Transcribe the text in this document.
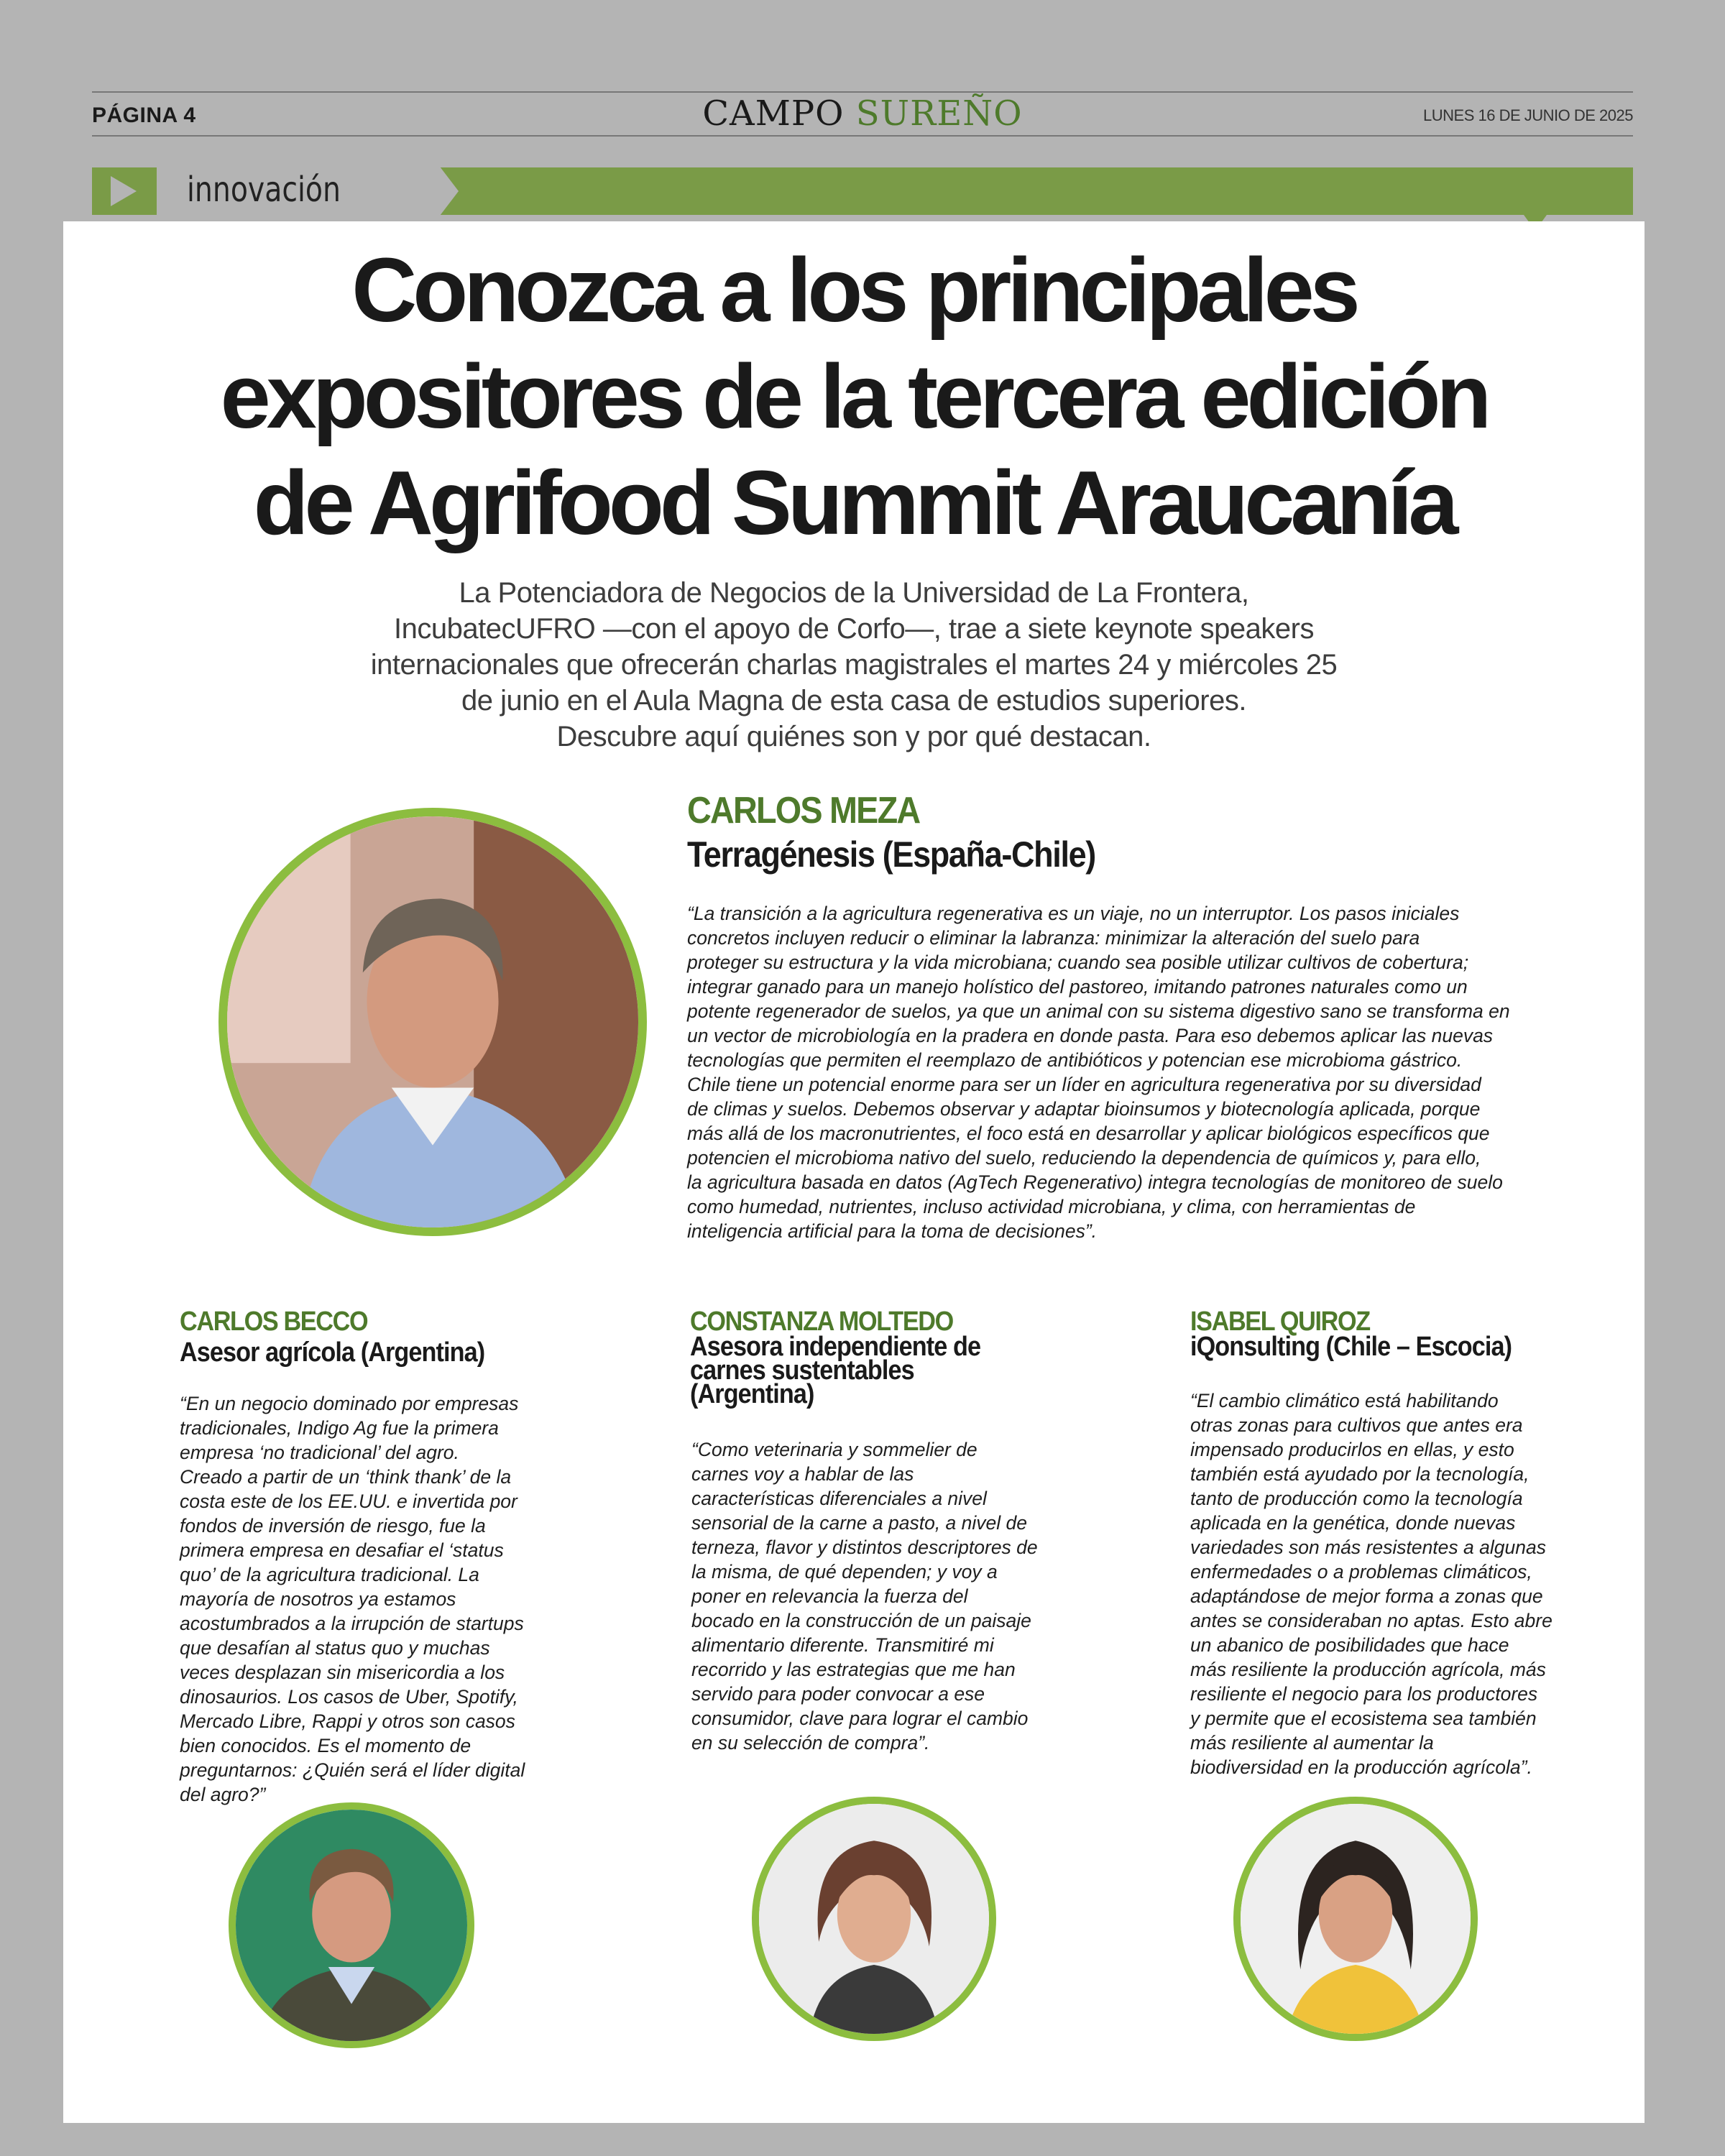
PÁGINA 4	CAMPO SUREÑO	LUNES 16 DE JUNIO DE 2025
innovación
Conozca a los principales
expositores de la tercera edición
de Agrifood Summit Araucanía
La Potenciadora de Negocios de la Universidad de La Frontera,
IncubatecUFRO —con el apoyo de Corfo—, trae a siete keynote speakers
internacionales que ofrecerán charlas magistrales el martes 24 y miércoles 25
de junio en el Aula Magna de esta casa de estudios superiores.
Descubre aquí quiénes son y por qué destacan.
CARLOS MEZA
Terragénesis (España-Chile)
“La transición a la agricultura regenerativa es un viaje, no un interruptor. Los pasos iniciales
concretos incluyen reducir o eliminar la labranza: minimizar la alteración del suelo para
proteger su estructura y la vida microbiana; cuando sea posible utilizar cultivos de cobertura;
integrar ganado para un manejo holístico del pastoreo, imitando patrones naturales como un
potente regenerador de suelos, ya que un animal con su sistema digestivo sano se transforma en
un vector de microbiología en la pradera en donde pasta. Para eso debemos aplicar las nuevas
tecnologías que permiten el reemplazo de antibióticos y potencian ese microbioma gástrico.
Chile tiene un potencial enorme para ser un líder en agricultura regenerativa por su diversidad
de climas y suelos. Debemos observar y adaptar bioinsumos y biotecnología aplicada, porque
más allá de los macronutrientes, el foco está en desarrollar y aplicar biológicos específicos que
potencien el microbioma nativo del suelo, reduciendo la dependencia de químicos y, para ello,
la agricultura basada en datos (AgTech Regenerativo) integra tecnologías de monitoreo de suelo
como humedad, nutrientes, incluso actividad microbiana, y clima, con herramientas de
inteligencia artificial para la toma de decisiones”.
CARLOS BECCO
Asesor agrícola (Argentina)
“En un negocio dominado por empresas
tradicionales, Indigo Ag fue la primera
empresa ‘no tradicional’ del agro.
Creado a partir de un ‘think thank’ de la
costa este de los EE.UU. e invertida por
fondos de inversión de riesgo, fue la
primera empresa en desafiar el ‘status
quo’ de la agricultura tradicional. La
mayoría de nosotros ya estamos
acostumbrados a la irrupción de startups
que desafían al status quo y muchas
veces desplazan sin misericordia a los
dinosaurios. Los casos de Uber, Spotify,
Mercado Libre, Rappi y otros son casos
bien conocidos. Es el momento de
preguntarnos: ¿Quién será el líder digital
del agro?”
CONSTANZA MOLTEDO
Asesora independiente de
carnes sustentables
(Argentina)
“Como veterinaria y sommelier de
carnes voy a hablar de las
características diferenciales a nivel
sensorial de la carne a pasto, a nivel de
terneza, flavor y distintos descriptores de
la misma, de qué dependen; y voy a
poner en relevancia la fuerza del
bocado en la construcción de un paisaje
alimentario diferente. Transmitiré mi
recorrido y las estrategias que me han
servido para poder convocar a ese
consumidor, clave para lograr el cambio
en su selección de compra”.
ISABEL QUIROZ
iQonsulting (Chile – Escocia)
“El cambio climático está habilitando
otras zonas para cultivos que antes era
impensado producirlos en ellas, y esto
también está ayudado por la tecnología,
tanto de producción como la tecnología
aplicada en la genética, donde nuevas
variedades son más resistentes a algunas
enfermedades o a problemas climáticos,
adaptándose de mejor forma a zonas que
antes se consideraban no aptas. Esto abre
un abanico de posibilidades que hace
más resiliente la producción agrícola, más
resiliente el negocio para los productores
y permite que el ecosistema sea también
más resiliente al aumentar la
biodiversidad en la producción agrícola”.
